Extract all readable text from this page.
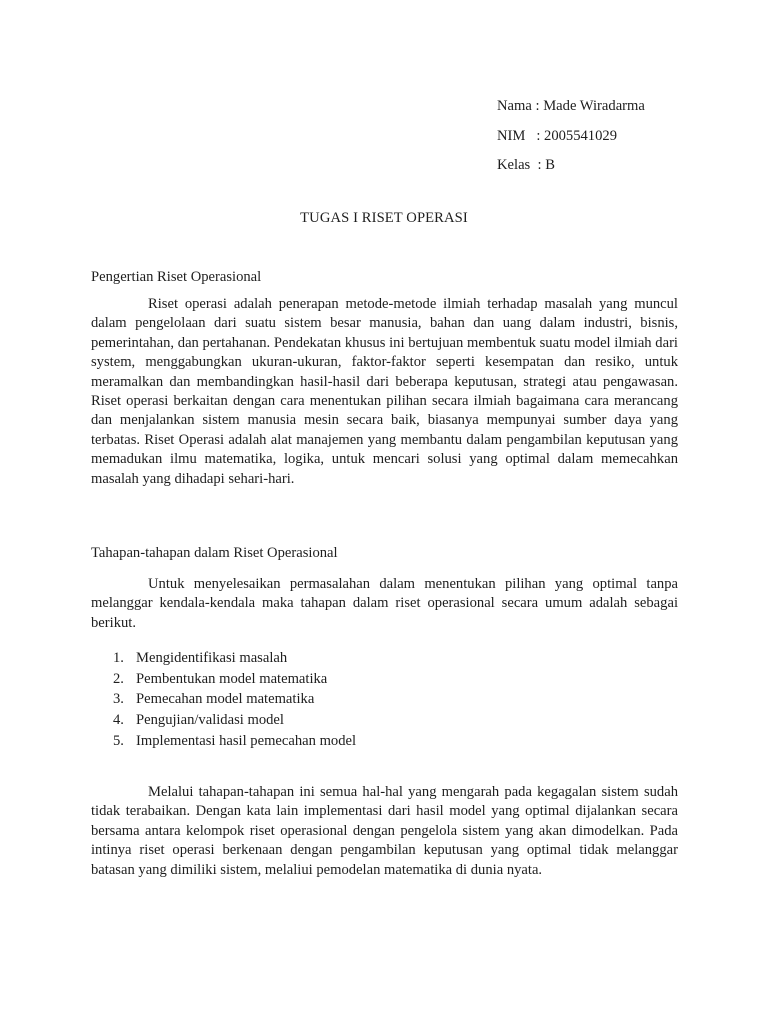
Nama : Made Wiradarma
NIM   : 2005541029
Kelas  : B
TUGAS I RISET OPERASI
Pengertian Riset Operasional

Riset operasi adalah penerapan metode-metode ilmiah terhadap masalah yang muncul dalam pengelolaan dari suatu sistem besar manusia, bahan dan uang dalam industri, bisnis, pemerintahan, dan pertahanan. Pendekatan khusus ini bertujuan membentuk suatu model ilmiah dari system, menggabungkan ukuran-ukuran, faktor-faktor seperti kesempatan dan resiko, untuk meramalkan dan membandingkan hasil-hasil dari beberapa keputusan, strategi atau pengawasan. Riset operasi berkaitan dengan cara menentukan pilihan secara ilmiah bagaimana cara merancang dan menjalankan sistem manusia mesin secara baik, biasanya mempunyai sumber daya yang terbatas. Riset Operasi adalah alat manajemen yang membantu dalam pengambilan keputusan yang memadukan ilmu matematika, logika, untuk mencari solusi yang optimal dalam memecahkan masalah yang dihadapi sehari-hari.

Tahapan-tahapan dalam Riset Operasional

Untuk menyelesaikan permasalahan dalam menentukan pilihan yang optimal tanpa melanggar kendala-kendala maka tahapan dalam riset operasional secara umum adalah sebagai berikut.

1. Mengidentifikasi masalah
2. Pembentukan model matematika
3. Pemecahan model matematika
4. Pengujian/validasi model
5. Implementasi hasil pemecahan model

Melalui tahapan-tahapan ini semua hal-hal yang mengarah pada kegagalan sistem sudah tidak terabaikan. Dengan kata lain implementasi dari hasil model yang optimal dijalankan secara bersama antara kelompok riset operasional dengan pengelola sistem yang akan dimodelkan. Pada intinya riset operasi berkenaan dengan pengambilan keputusan yang optimal tidak melanggar batasan yang dimiliki sistem, melaliui pemodelan matematika di dunia nyata.
